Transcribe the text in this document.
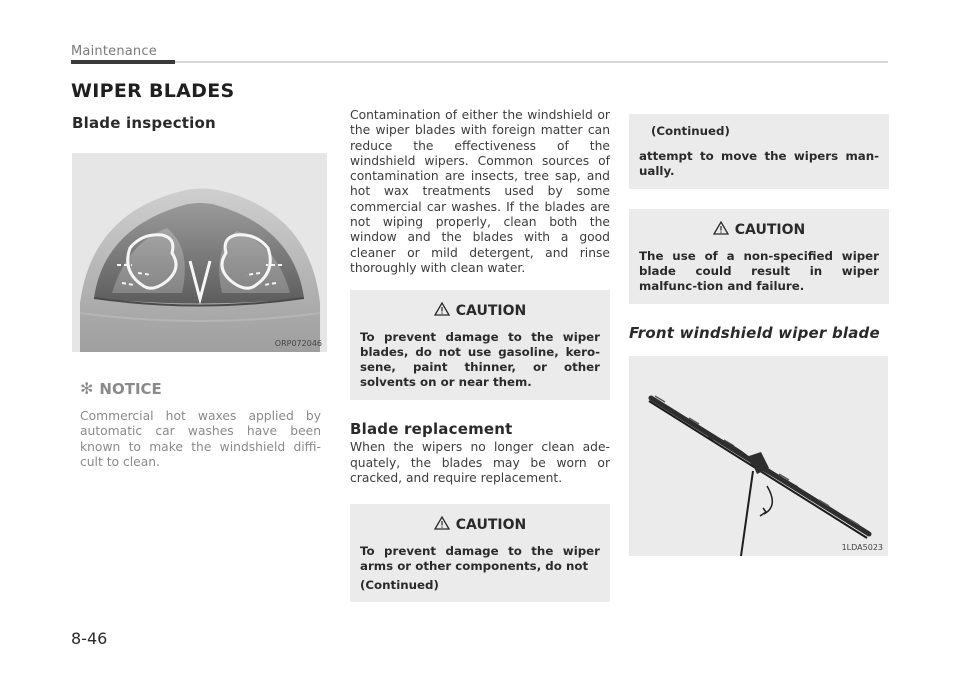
Maintenance
WIPER BLADES
Blade inspection
ORP072046
✻ NOTICE

Commercial hot waxes applied by automatic car washes have been known to make the windshield diffi-cult to clean.

Contamination of either the windshield or the wiper blades with foreign matter can reduce the effectiveness of the windshield wipers. Common sources of contamination are insects, tree sap, and hot wax treatments used by some commercial car washes. If the blades are not wiping properly, clean both the window and the blades with a good cleaner or mild detergent, and rinse thoroughly with clean water.

CAUTION

To prevent damage to the wiper blades, do not use gasoline, kero-sene, paint thinner, or other solvents on or near them.

Blade replacement

When the wipers no longer clean ade-quately, the blades may be worn or cracked, and require replacement.

CAUTION

To prevent damage to the wiper arms or other components, do not

(Continued)

(Continued)

attempt to move the wipers man-ually.

CAUTION

The use of a non-specified wiper blade could result in wiper malfunc-tion and failure.

Front windshield wiper blade
1LDA5023
8-46
